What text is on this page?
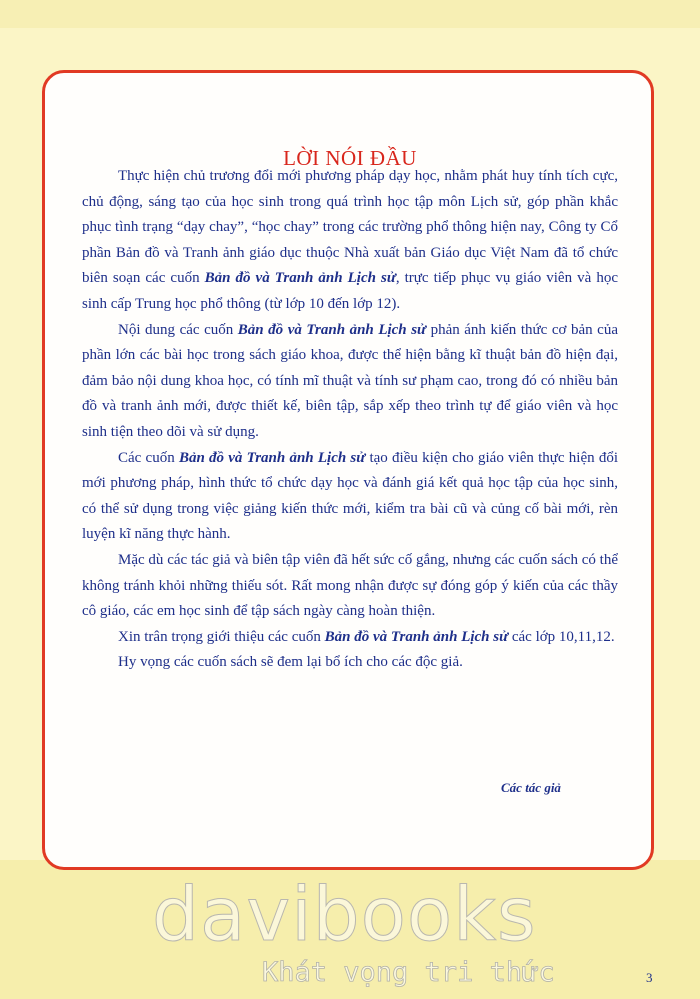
LỜI NÓI ĐẦU

Thực hiện chủ trương đổi mới phương pháp dạy học, nhằm phát huy tính tích cực, chủ động, sáng tạo của học sinh trong quá trình học tập môn Lịch sử, góp phần khắc phục tình trạng “dạy chay”, “học chay” trong các trường phổ thông hiện nay, Công ty Cổ phần Bản đồ và Tranh ảnh giáo dục thuộc Nhà xuất bản Giáo dục Việt Nam đã tổ chức biên soạn các cuốn Bản đồ và Tranh ảnh Lịch sử, trực tiếp phục vụ giáo viên và học sinh cấp Trung học phổ thông (từ lớp 10 đến lớp 12).

Nội dung các cuốn Bản đồ và Tranh ảnh Lịch sử phản ánh kiến thức cơ bản của phần lớn các bài học trong sách giáo khoa, được thể hiện bằng kĩ thuật bản đồ hiện đại, đảm bảo nội dung khoa học, có tính mĩ thuật và tính sư phạm cao, trong đó có nhiều bản đồ và tranh ảnh mới, được thiết kế, biên tập, sắp xếp theo trình tự để giáo viên và học sinh tiện theo dõi và sử dụng.

Các cuốn Bản đồ và Tranh ảnh Lịch sử tạo điều kiện cho giáo viên thực hiện đổi mới phương pháp, hình thức tổ chức dạy học và đánh giá kết quả học tập của học sinh, có thể sử dụng trong việc giảng kiến thức mới, kiểm tra bài cũ và củng cố bài mới, rèn luyện kĩ năng thực hành.

Mặc dù các tác giả và biên tập viên đã hết sức cố gắng, nhưng các cuốn sách có thể không tránh khỏi những thiếu sót. Rất mong nhận được sự đóng góp ý kiến của các thầy cô giáo, các em học sinh để tập sách ngày càng hoàn thiện.

Xin trân trọng giới thiệu các cuốn Bản đồ và Tranh ảnh Lịch sử các lớp 10,11,12.

Hy vọng các cuốn sách sẽ đem lại bổ ích cho các độc giả.

Các tác giả
davibooks
Khát vọng tri thức	3
